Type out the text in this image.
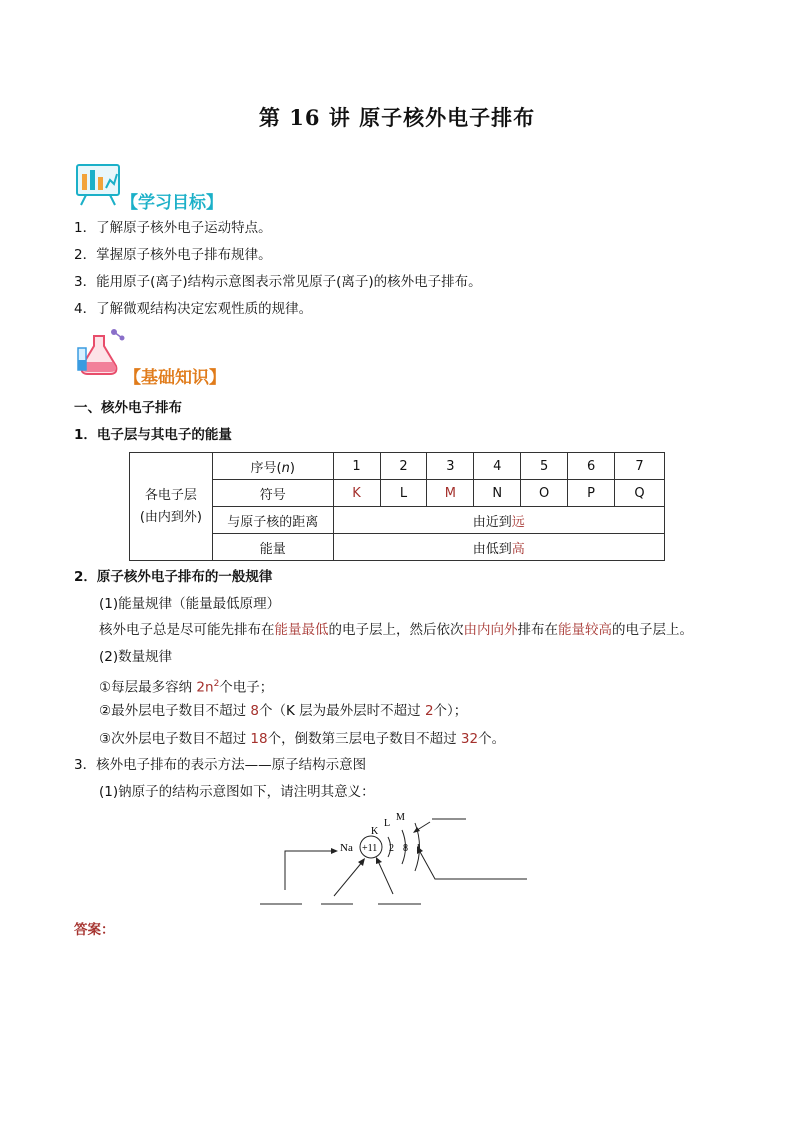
第 16 讲 原子核外电子排布
【学习目标】
1．了解原子核外电子运动特点。
2．掌握原子核外电子排布规律。
3．能用原子(离子)结构示意图表示常见原子(离子)的核外电子排布。
4．了解微观结构决定宏观性质的规律。
【基础知识】
一、核外电子排布
1．电子层与其电子的能量
各电子层
(由内到外)	序号(n)	1	2	3	4	5	6	7
	符号	K	L	M	N	O	P	Q
	与原子核的距离	由近到远						
	能量	由低到高						
2．原子核外电子排布的一般规律
(1)能量规律（能量最低原理）
核外电子总是尽可能先排布在能量最低的电子层上，然后依次由内向外排布在能量较高的电子层上。
(2)数量规律
①每层最多容纳 $2n^2$个电子；
②最外层电子数目不超过 8个（K 层为最外层时不超过 2个）；
③次外层电子数目不超过 18个，倒数第三层电子数目不超过 32个。
3．核外电子排布的表示方法——原子结构示意图
(1)钠原子的结构示意图如下，请注明其意义：
Na +11 2 8
K
L
M
答案：
